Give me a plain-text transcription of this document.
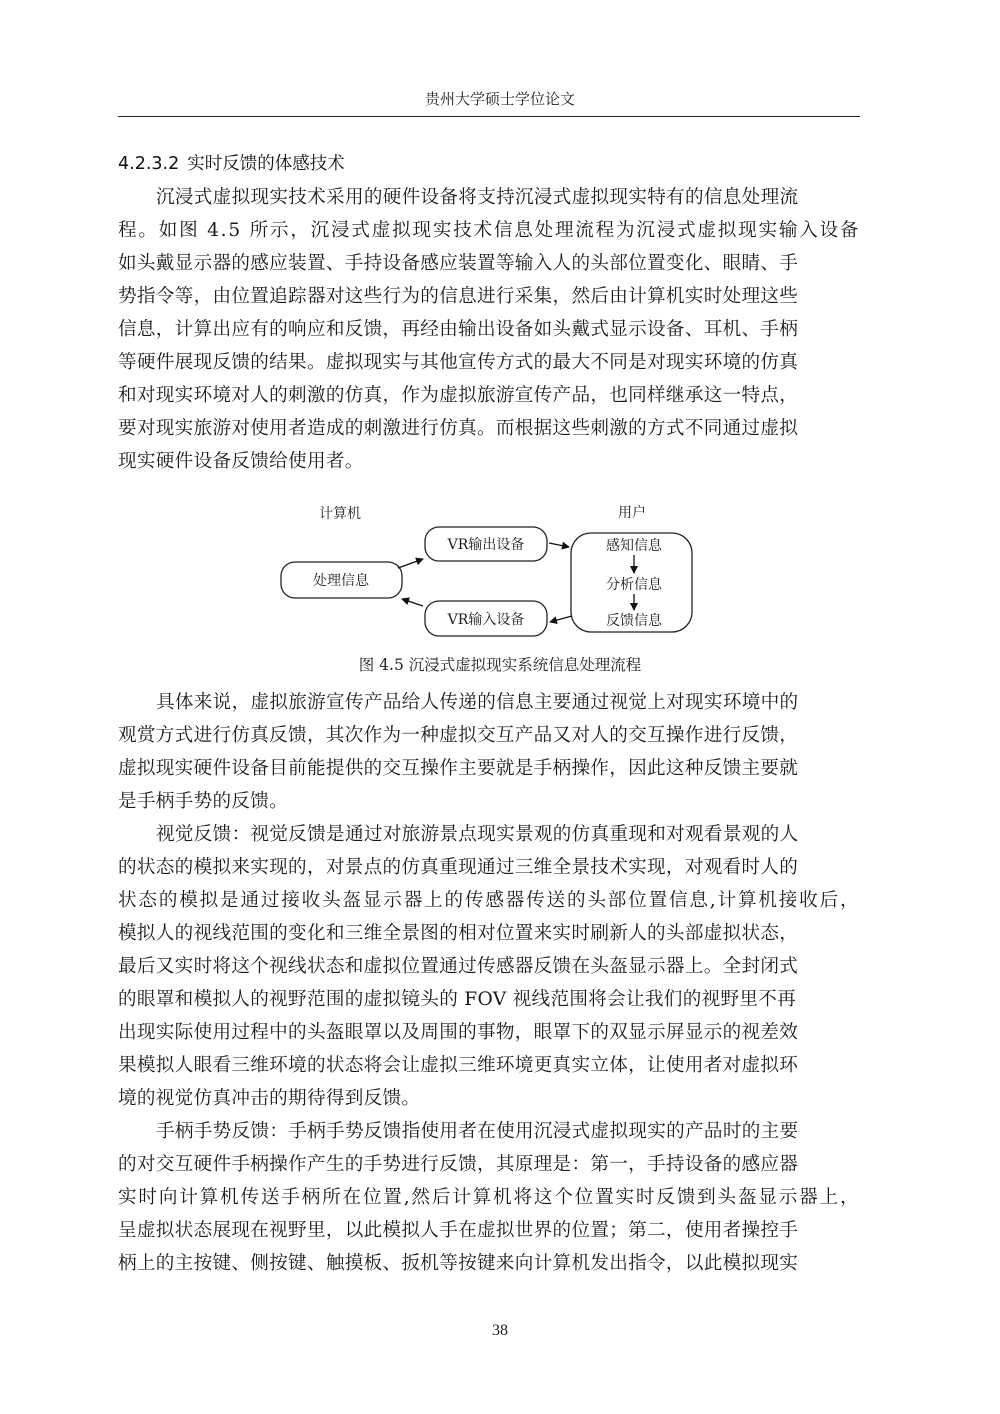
贵州大学硕士学位论文
4.2.3.2 实时反馈的体感技术
沉浸式虚拟现实技术采用的硬件设备将支持沉浸式虚拟现实特有的信息处理流
程。如图 4.5 所示，沉浸式虚拟现实技术信息处理流程为沉浸式虚拟现实输入设备
如头戴显示器的感应装置、手持设备感应装置等输入人的头部位置变化、眼睛、手
势指令等，由位置追踪器对这些行为的信息进行采集，然后由计算机实时处理这些
信息，计算出应有的响应和反馈，再经由输出设备如头戴式显示设备、耳机、手柄
等硬件展现反馈的结果。虚拟现实与其他宣传方式的最大不同是对现实环境的仿真
和对现实环境对人的刺激的仿真，作为虚拟旅游宣传产品，也同样继承这一特点，
要对现实旅游对使用者造成的刺激进行仿真。而根据这些刺激的方式不同通过虚拟
现实硬件设备反馈给使用者。
计算机	用户
处理信息
VR输出设备
VR输入设备
感知信息
分析信息
反馈信息
图 4.5 沉浸式虚拟现实系统信息处理流程
具体来说，虚拟旅游宣传产品给人传递的信息主要通过视觉上对现实环境中的
观赏方式进行仿真反馈，其次作为一种虚拟交互产品又对人的交互操作进行反馈，
虚拟现实硬件设备目前能提供的交互操作主要就是手柄操作，因此这种反馈主要就
是手柄手势的反馈。
视觉反馈：视觉反馈是通过对旅游景点现实景观的仿真重现和对观看景观的人
的状态的模拟来实现的，对景点的仿真重现通过三维全景技术实现，对观看时人的
状态的模拟是通过接收头盔显示器上的传感器传送的头部位置信息,计算机接收后，
模拟人的视线范围的变化和三维全景图的相对位置来实时刷新人的头部虚拟状态，
最后又实时将这个视线状态和虚拟位置通过传感器反馈在头盔显示器上。全封闭式
的眼罩和模拟人的视野范围的虚拟镜头的 FOV 视线范围将会让我们的视野里不再
出现实际使用过程中的头盔眼罩以及周围的事物，眼罩下的双显示屏显示的视差效
果模拟人眼看三维环境的状态将会让虚拟三维环境更真实立体，让使用者对虚拟环
境的视觉仿真冲击的期待得到反馈。
手柄手势反馈：手柄手势反馈指使用者在使用沉浸式虚拟现实的产品时的主要
的对交互硬件手柄操作产生的手势进行反馈，其原理是：第一，手持设备的感应器
实时向计算机传送手柄所在位置,然后计算机将这个位置实时反馈到头盔显示器上，
呈虚拟状态展现在视野里，以此模拟人手在虚拟世界的位置；第二，使用者操控手
柄上的主按键、侧按键、触摸板、扳机等按键来向计算机发出指令，以此模拟现实
38
